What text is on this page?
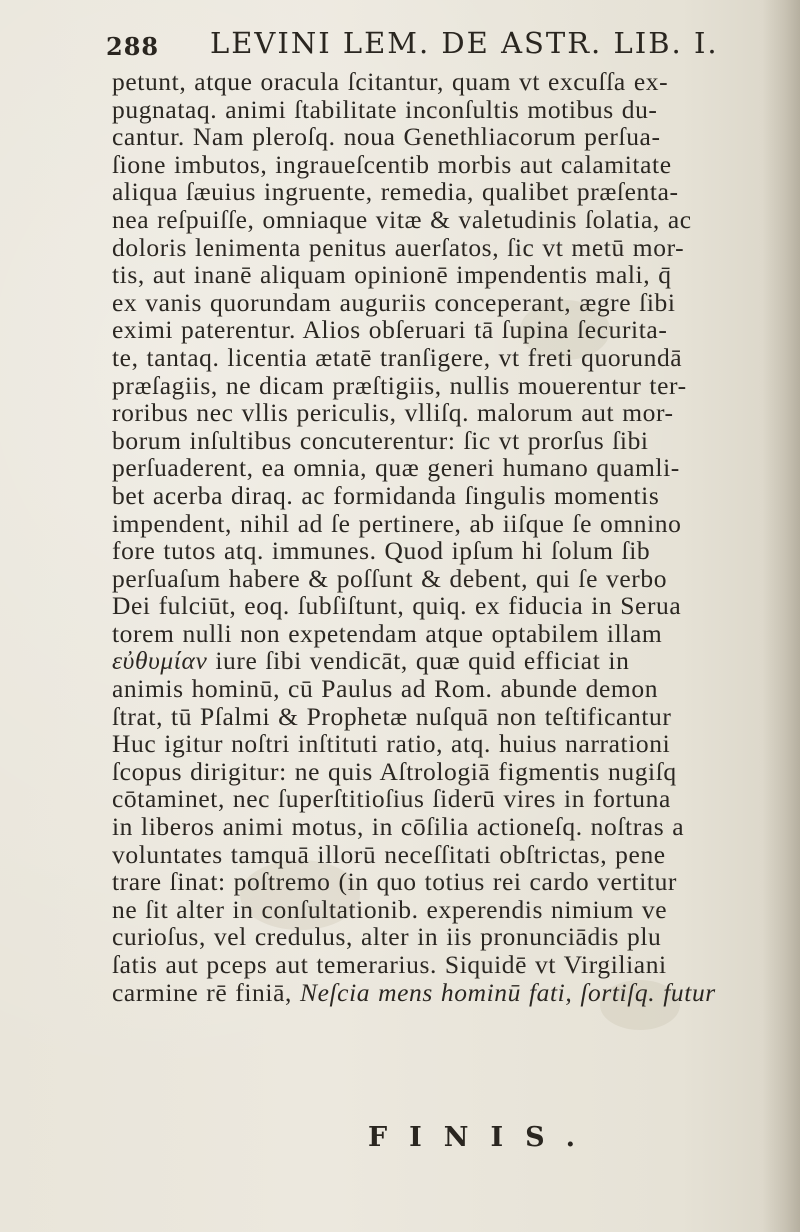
288 LEVINI LEM. DE ASTR. LIB. I.
petunt, atque oracula ſcitantur, quam vt excuſſa ex-
pugnataq. animi ſtabilitate inconſultis motibus du-
cantur. Nam pleroſq. noua Genethliacorum perſua-
ſione imbutos, ingraueſcentib morbis aut calamitate
aliqua ſæuius ingruente, remedia, qualibet præſenta-
nea reſpuiſſe, omniaque vitæ & valetudinis ſolatia, ac
doloris lenimenta penitus auerſatos, ſic vt metū mor-
tis, aut inanē aliquam opinionē impendentis mali, q̄
ex vanis quorundam auguriis conceperant, ægre ſibi
eximi paterentur. Alios obſeruari tā ſupina ſecurita-
te, tantaq. licentia ætatē tranſigere, vt freti quorundā
præſagiis, ne dicam præſtigiis, nullis mouerentur ter-
roribus nec vllis periculis, vlliſq. malorum aut mor-
borum inſultibus concuterentur: ſic vt prorſus ſibi
perſuaderent, ea omnia, quæ generi humano quamli-
bet acerba diraq. ac formidanda ſingulis momentis
impendent, nihil ad ſe pertinere, ab iiſque ſe omnino
fore tutos atq. immunes. Quod ipſum hi ſolum ſib
perſuaſum habere & poſſunt & debent, qui ſe verbo
Dei fulciūt, eoq. ſubſiſtunt, quiq. ex fiducia in Serua
torem nulli non expetendam atque optabilem illam
εὐθυμίαν iure ſibi vendicāt, quæ quid efficiat in
animis hominū, cū Paulus ad Rom. abunde demon
ſtrat, tū Pſalmi & Prophetæ nuſquā non teſtificantur
Huc igitur noſtri inſtituti ratio, atq. huius narrationi
ſcopus dirigitur: ne quis Aſtrologiā figmentis nugiſq
cōtaminet, nec ſuperſtitioſius ſiderū vires in fortuna
in liberos animi motus, in cōſilia actioneſq. noſtras a
voluntates tamquā illorū neceſſitati obſtrictas, pene
trare ſinat: poſtremo (in quo totius rei cardo vertitur
ne ſit alter in conſultationib. experendis nimium ve
curioſus, vel credulus, alter in iis pronunciādis plu
ſatis aut pceps aut temerarius. Siquidē vt Virgiliani
carmine rē finiā, Neſcia mens hominū fati, ſortiſq. futur
FINIS.
